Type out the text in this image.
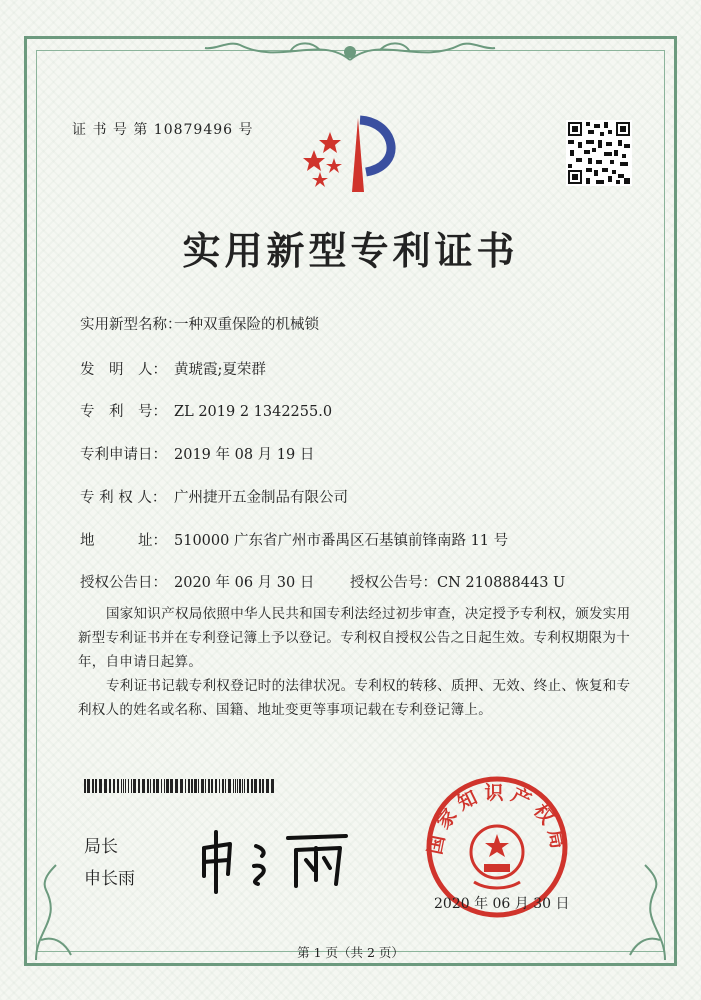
证 书 号 第 10879496 号
实用新型专利证书
实用新型名称：一种双重保险的机械锁
发　明　人： 黄琥霞;夏荣群
专　利　号： ZL 2019 2 1342255.0
专利申请日： 2019 年 08 月 19 日
专 利 权 人： 广州捷开五金制品有限公司
地　　　址： 510000 广东省广州市番禺区石基镇前锋南路 11 号
授权公告日： 2020 年 06 月 30 日 授权公告号：CN 210888443 U
国家知识产权局依照中华人民共和国专利法经过初步审查，决定授予专利权，颁发实用新型专利证书并在专利登记簿上予以登记。专利权自授权公告之日起生效。专利权期限为十年，自申请日起算。
专利证书记载专利权登记时的法律状况。专利权的转移、质押、无效、终止、恢复和专利权人的姓名或名称、国籍、地址变更等事项记载在专利登记簿上。
局长
申长雨
国家知识产权局
2020 年 06 月 30 日
第 1 页（共 2 页）
